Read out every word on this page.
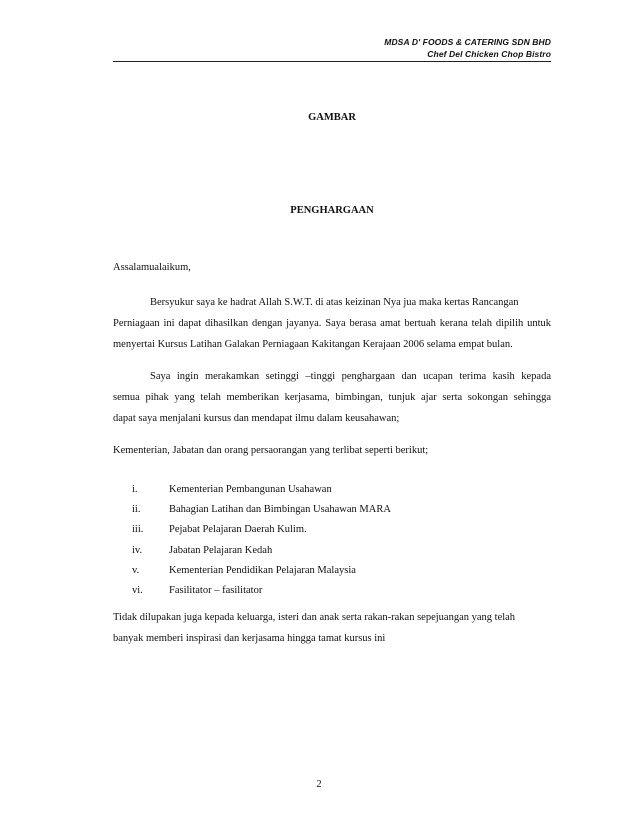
MDSA D' FOODS & CATERING SDN BHD
Chef Del Chicken Chop Bistro
GAMBAR
PENGHARGAAN
Assalamualaikum,
Bersyukur saya ke hadrat Allah S.W.T. di atas keizinan Nya jua maka kertas Rancangan
Perniagaan ini dapat dihasilkan dengan jayanya. Saya berasa amat bertuah kerana telah dipilih untuk
menyertai Kursus Latihan Galakan Perniagaan Kakitangan Kerajaan 2006 selama empat bulan.
Saya ingin merakamkan setinggi –tinggi penghargaan dan ucapan terima kasih kepada
semua pihak yang telah memberikan kerjasama, bimbingan, tunjuk ajar serta sokongan sehingga
dapat saya menjalani kursus dan mendapat ilmu dalam keusahawan;
Kementerian, Jabatan dan orang persaorangan yang terlibat seperti berikut;
i.	Kementerian Pembangunan Usahawan
ii.	Bahagian Latihan dan Bimbingan Usahawan MARA
iii. Pejabat Pelajaran Daerah Kulim.
iv.	Jabatan Pelajaran Kedah
v.	Kementerian Pendidikan Pelajaran Malaysia
vi. Fasilitator – fasilitator
Tidak dilupakan juga kepada keluarga, isteri dan anak serta rakan-rakan sepejuangan yang telah
banyak memberi inspirasi dan kerjasama hingga tamat kursus ini
2
